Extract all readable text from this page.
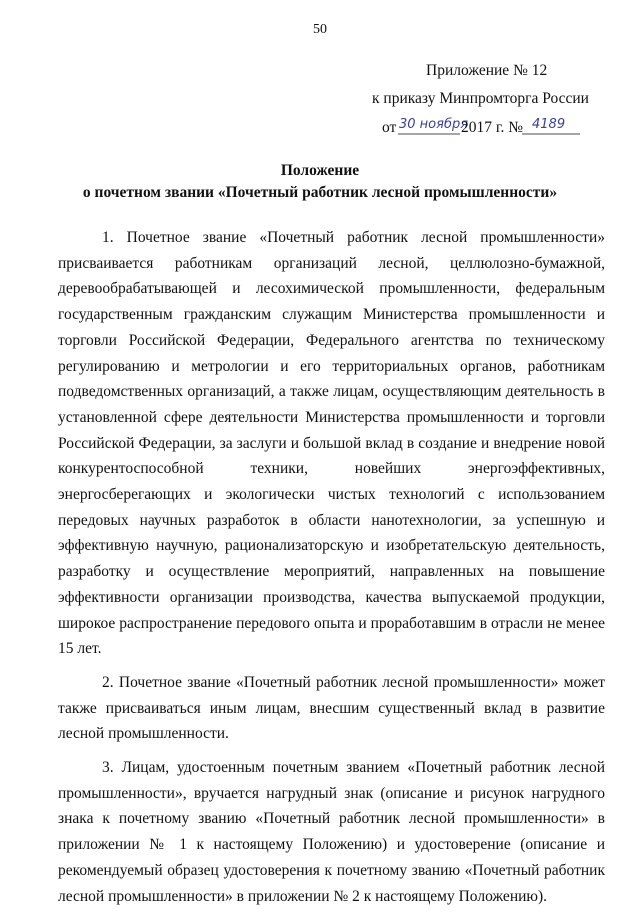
50
Приложение № 12
к приказу Минпромторга России
от 30 ноября
2017 г. № 4189
Положение
о почетном звании «Почетный работник лесной промышленности»

1. Почетное звание «Почетный работник лесной промышленности» присваивается работникам организаций лесной, целлюлозно-бумажной, деревообрабатывающей и лесохимической промышленности, федеральным государственным гражданским служащим Министерства промышленности и торговли Российской Федерации, Федерального агентства по техническому регулированию и метрологии и его территориальных органов, работникам подведомственных организаций, а также лицам, осуществляющим деятельность в установленной сфере деятельности Министерства промышленности и торговли Российской Федерации, за заслуги и большой вклад в создание и внедрение новой конкурентоспособной техники, новейших энергоэффективных, энергосберегающих и экологически чистых технологий с использованием передовых научных разработок в области нанотехнологии, за успешную и эффективную научную, рационализаторскую и изобретательскую деятельность, разработку и осуществление мероприятий, направленных на повышение эффективности организации производства, качества выпускаемой продукции, широкое распространение передового опыта и проработавшим в отрасли не менее 15 лет.

2. Почетное звание «Почетный работник лесной промышленности» может также присваиваться иным лицам, внесшим существенный вклад в развитие лесной промышленности.

3. Лицам, удостоенным почетным званием «Почетный работник лесной промышленности», вручается нагрудный знак (описание и рисунок нагрудного знака к почетному званию «Почетный работник лесной промышленности» в приложении № 1 к настоящему Положению) и удостоверение (описание и рекомендуемый образец удостоверения к почетному званию «Почетный работник лесной промышленности» в приложении № 2 к настоящему Положению).
